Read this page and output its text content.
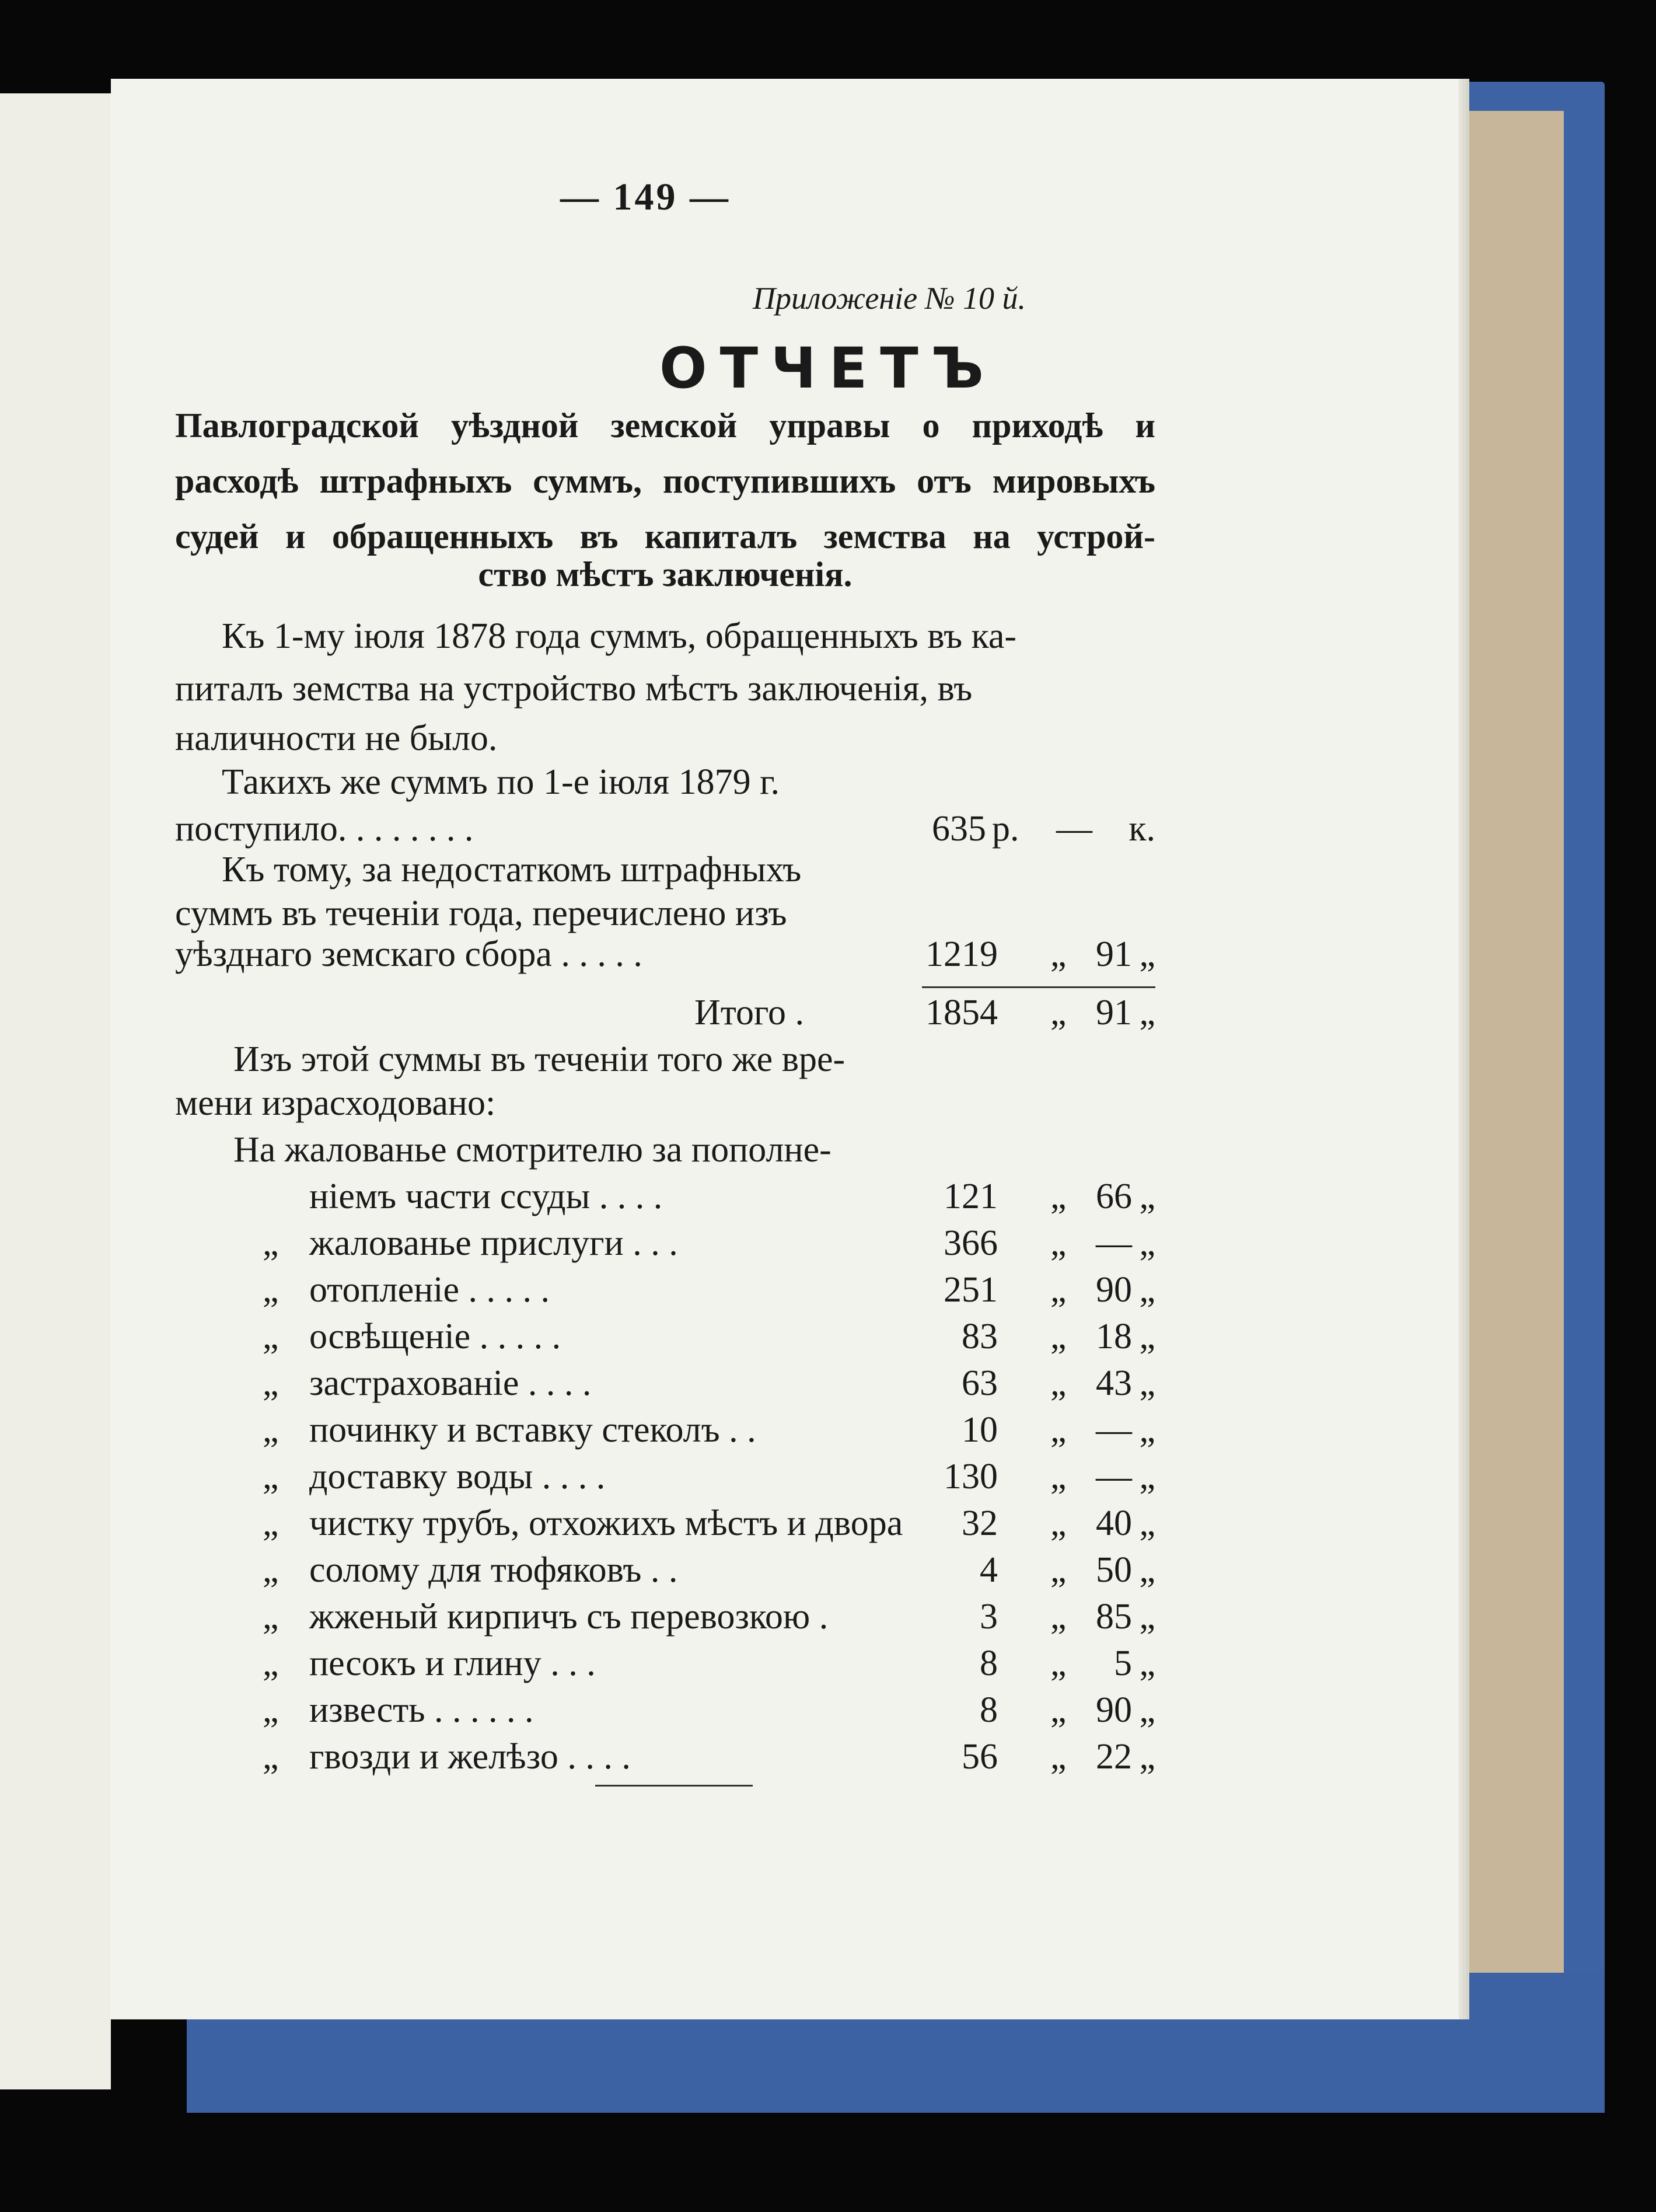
— 149 —
Приложеніе № 10 й.
ОТЧЕТЪ
Павлоградской уѣздной земской управы о приходѣ и
расходѣ штрафныхъ суммъ, поступившихъ отъ мировыхъ
судей и обращенныхъ въ капиталъ земства на устрой-
ство мѣстъ заключенія.
Къ 1-му іюля 1878 года суммъ, обращенныхъ въ ка-
питалъ земства на устройство мѣстъ заключенія, въ
наличности не было.
Такихъ же суммъ по 1-е іюля 1879 г.
поступило. . . . . . . .	635 р. — к.
Къ тому, за недостаткомъ штрафныхъ
суммъ въ теченіи года, перечислено изъ
уѣзднаго земскаго сбора . . . . .	1219 „ 91 „
Итого .	1854 „ 91 „
Изъ этой суммы въ теченіи того же вре-
мени израсходовано:
На жалованье смотрителю за пополне-
ніемъ части ссуды . . . .	121 „ 66 „
„ жалованье прислуги . . .	366 „ — „
„ отопленіе . . . . .	251 „ 90 „
„ освѣщеніе . . . . .	83 „ 18 „
„ застрахованіе . . . .	63 „ 43 „
„ починку и вставку стеколъ . .	10 „ — „
„ доставку воды . . . .	130 „ — „
„ чистку трубъ, отхожихъ мѣстъ и двора 32 „ 40 „
„ солому для тюфяковъ . .	4 „ 50 „
„ жженый кирпичъ съ перевозкою .	3 „ 85 „
„ песокъ и глину . . .	8 „ 5 „
„ известь . . . . . .	8 „ 90 „
„ гвозди и желѣзо . . . .	56 „ 22 „
